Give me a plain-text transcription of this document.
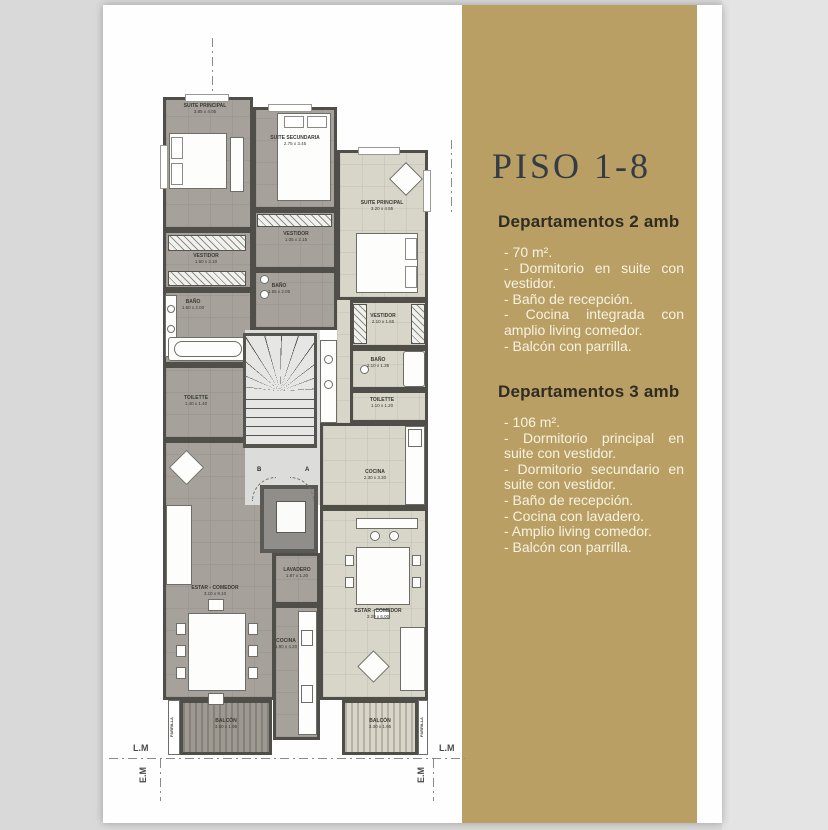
B	A
PARRILLA	PARRILLA
SUITE PRINCIPAL
3.85 x 4.05
SUITE SECUNDARIA
2.75 x 3.45
SUITE PRINCIPAL
3.20 x 4.55
VESTIDOR
1.60 x 2.10
BAÑO
1.60 x 2.00
TOILETTE
1.40 x 1.40
VESTIDOR
1.05 x 2.15
BAÑO
1.55 x 2.05
VESTIDOR
2.10 x 1.65
BAÑO
2.10 x 1.35
TOILETTE
1.10 x 1.20
COCINA
2.30 x 3.30
LAVADERO
1.87 x 1.20
COCINA
1.80 x 4.20
ESTAR - COMEDOR
3.10 x 9.10
ESTAR - COMEDOR
3.20 x 6.00
BALCÓN
3.50 x 1.95
BALCÓN
3.30 x 1.95
L.M	L.M
E.M	E.M
PISO 1-8
Departamentos 2 amb

- 70 m².

- Dormitorio en suite con vestidor.

- Baño de recepción.

- Cocina integrada con amplio living comedor.

- Balcón con parrilla.

Departamentos 3 amb

- 106 m².

- Dormitorio principal en suite con vestidor.

- Dormitorio secundario en suite con vestidor.

- Baño de recepción.

- Cocina con lavadero.

- Amplio living comedor.

- Balcón con parrilla.
